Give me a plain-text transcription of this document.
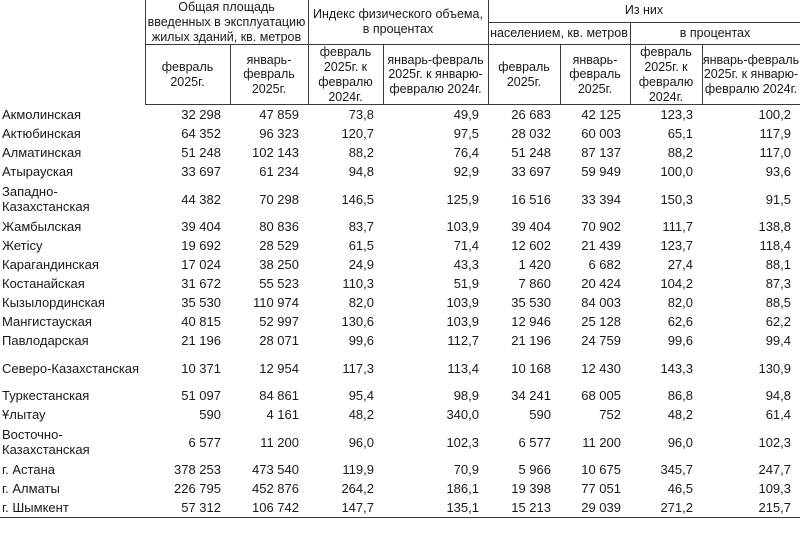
	Общая площадь введенных в эксплуатацию жилых зданий, кв. метров		Индекс физического объема, в процентах		Из них			
					населением, кв. метров		в процентах	
	февраль 2025г.	январь-февраль 2025г.	февраль 2025г. к февралю 2024г.	январь-февраль 2025г. к январю-февралю 2024г.	февраль 2025г.	январь-февраль 2025г.	февраль 2025г. к февралю 2024г.	январь-февраль 2025г. к январю-февралю 2024г.
Акмолинская	32 298	47 859	73,8	49,9	26 683	42 125	123,3	100,2
Актюбинская	64 352	96 323	120,7	97,5	28 032	60 003	65,1	117,9
Алматинская	51 248	102 143	88,2	76,4	51 248	87 137	88,2	117,0
Атырауская	33 697	61 234	94,8	92,9	33 697	59 949	100,0	93,6
Западно-Казахстанская	44 382	70 298	146,5	125,9	16 516	33 394	150,3	91,5
Жамбылская	39 404	80 836	83,7	103,9	39 404	70 902	111,7	138,8
Жетісу	19 692	28 529	61,5	71,4	12 602	21 439	123,7	118,4
Карагандинская	17 024	38 250	24,9	43,3	1 420	6 682	27,4	88,1
Костанайская	31 672	55 523	110,3	51,9	7 860	20 424	104,2	87,3
Кызылординская	35 530	110 974	82,0	103,9	35 530	84 003	82,0	88,5
Мангистауская	40 815	52 997	130,6	103,9	12 946	25 128	62,6	62,2
Павлодарская	21 196	28 071	99,6	112,7	21 196	24 759	99,6	99,4
Северо-Казахстанская	10 371	12 954	117,3	113,4	10 168	12 430	143,3	130,9
Туркестанская	51 097	84 861	95,4	98,9	34 241	68 005	86,8	94,8
Ұлытау	590	4 161	48,2	340,0	590	752	48,2	61,4
Восточно-Казахстанская	6 577	11 200	96,0	102,3	6 577	11 200	96,0	102,3
г. Астана	378 253	473 540	119,9	70,9	5 966	10 675	345,7	247,7
г. Алматы	226 795	452 876	264,2	186,1	19 398	77 051	46,5	109,3
г. Шымкент	57 312	106 742	147,7	135,1	15 213	29 039	271,2	215,7
